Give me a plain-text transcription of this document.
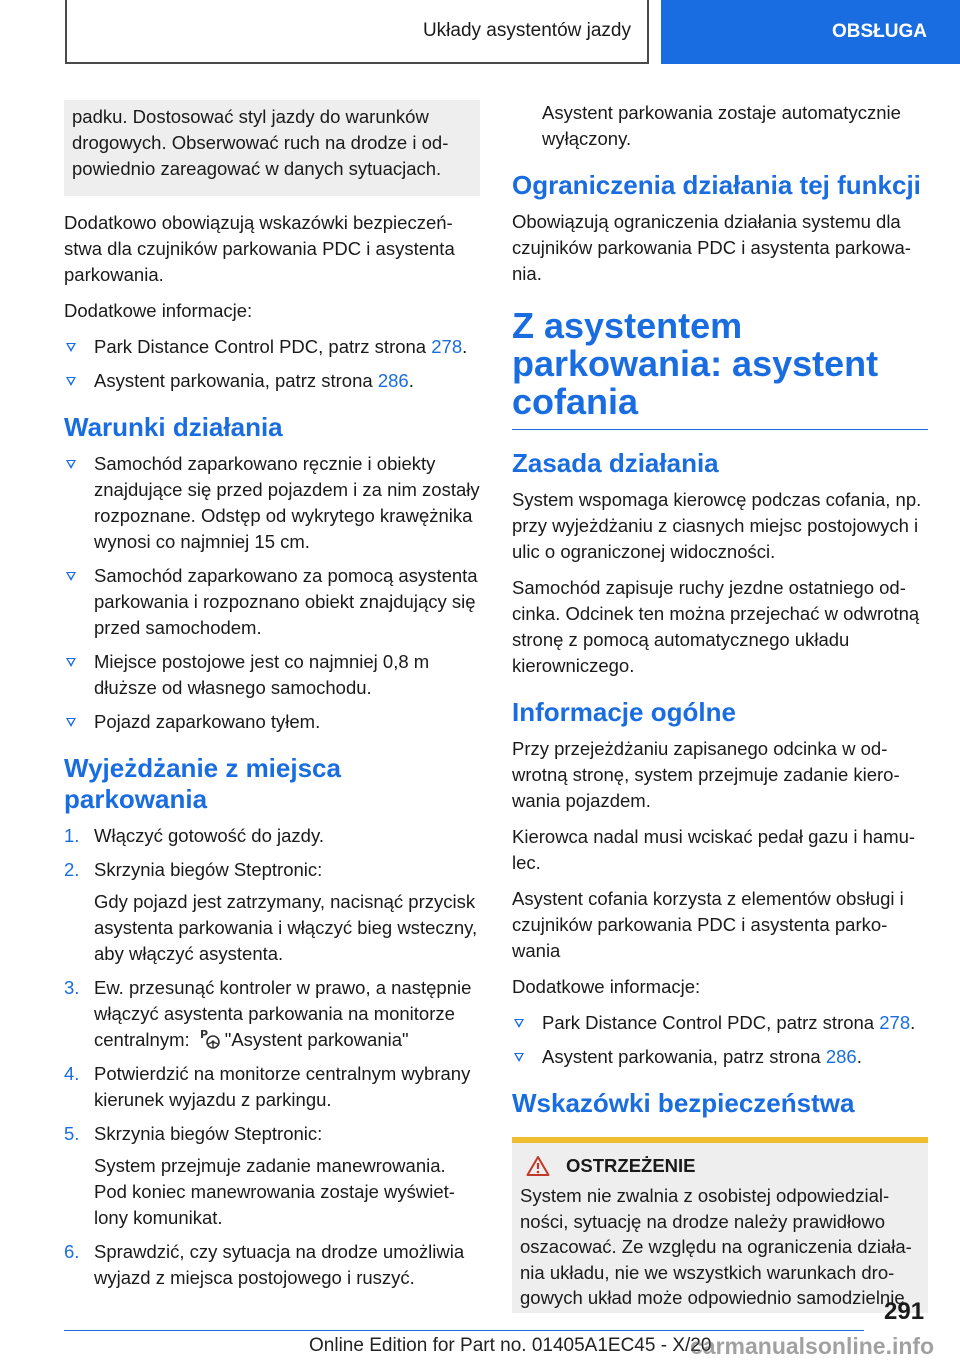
Układy asystentów jazdy	OBSŁUGA
padku. Dostosować styl jazdy do warunków drogowych. Obserwować ruch na drodze i odpowiednio zareagować w danych sytuacjach.

Dodatkowo obowiązują wskazówki bezpieczeństwa dla czujników parkowania PDC i asystenta parkowania.

Dodatkowe informacje:

Park Distance Control PDC, patrz strona 278.
Asystent parkowania, patrz strona 286.
Warunki działania
Samochód zaparkowano ręcznie i obiekty znajdujące się przed pojazdem i za nim zostały rozpoznane. Odstęp od wykrytego krawężnika wynosi co najmniej 15 cm.
Samochód zaparkowano za pomocą asystenta parkowania i rozpoznano obiekt znajdujący się przed samochodem.
Miejsce postojowe jest co najmniej 0,8 m dłuższe od własnego samochodu.
Pojazd zaparkowano tyłem.
Wyjeżdżanie z miejsca parkowania
1. Włączyć gotowość do jazdy.
2. Skrzynia biegów Steptronic:
Gdy pojazd jest zatrzymany, nacisnąć przycisk asystenta parkowania i włączyć bieg wsteczny, aby włączyć asystenta.
3. Ew. przesunąć kontroler w prawo, a następnie włączyć asystenta parkowania na monitorze centralnym: P "Asystent parkowania"
4. Potwierdzić na monitorze centralnym wybrany kierunek wyjazdu z parkingu.
5. Skrzynia biegów Steptronic:
System przejmuje zadanie manewrowania. Pod koniec manewrowania zostaje wyświetlony komunikat.
6. Sprawdzić, czy sytuacja na drodze umożliwia wyjazd z miejsca postojowego i ruszyć.

Asystent parkowania zostaje automatycznie wyłączony.

Ograniczenia działania tej funkcji

Obowiązują ograniczenia działania systemu dla czujników parkowania PDC i asystenta parkowania.

Z asystentem parkowania: asystent cofania
Zasada działania

System wspomaga kierowcę podczas cofania, np. przy wyjeżdżaniu z ciasnych miejsc postojowych i ulic o ograniczonej widoczności.

Samochód zapisuje ruchy jezdne ostatniego odcinka. Odcinek ten można przejechać w odwrotną stronę z pomocą automatycznego układu kierowniczego.

Informacje ogólne

Przy przejeżdżaniu zapisanego odcinka w odwrotną stronę, system przejmuje zadanie kierowania pojazdem.

Kierowca nadal musi wciskać pedał gazu i hamulec.

Asystent cofania korzysta z elementów obsługi i czujników parkowania PDC i asystenta parkowania

Dodatkowe informacje:

Park Distance Control PDC, patrz strona 278.
Asystent parkowania, patrz strona 286.
Wskazówki bezpieczeństwa
OSTRZEŻENIE

System nie zwalnia z osobistej odpowiedzialności, sytuację na drodze należy prawidłowo oszacować. Ze względu na ograniczenia działania układu, nie we wszystkich warunkach drogowych układ może odpowiednio samodzielnie

291
Online Edition for Part no. 01405A1EC45 - X/20
carmanualsonline.info
